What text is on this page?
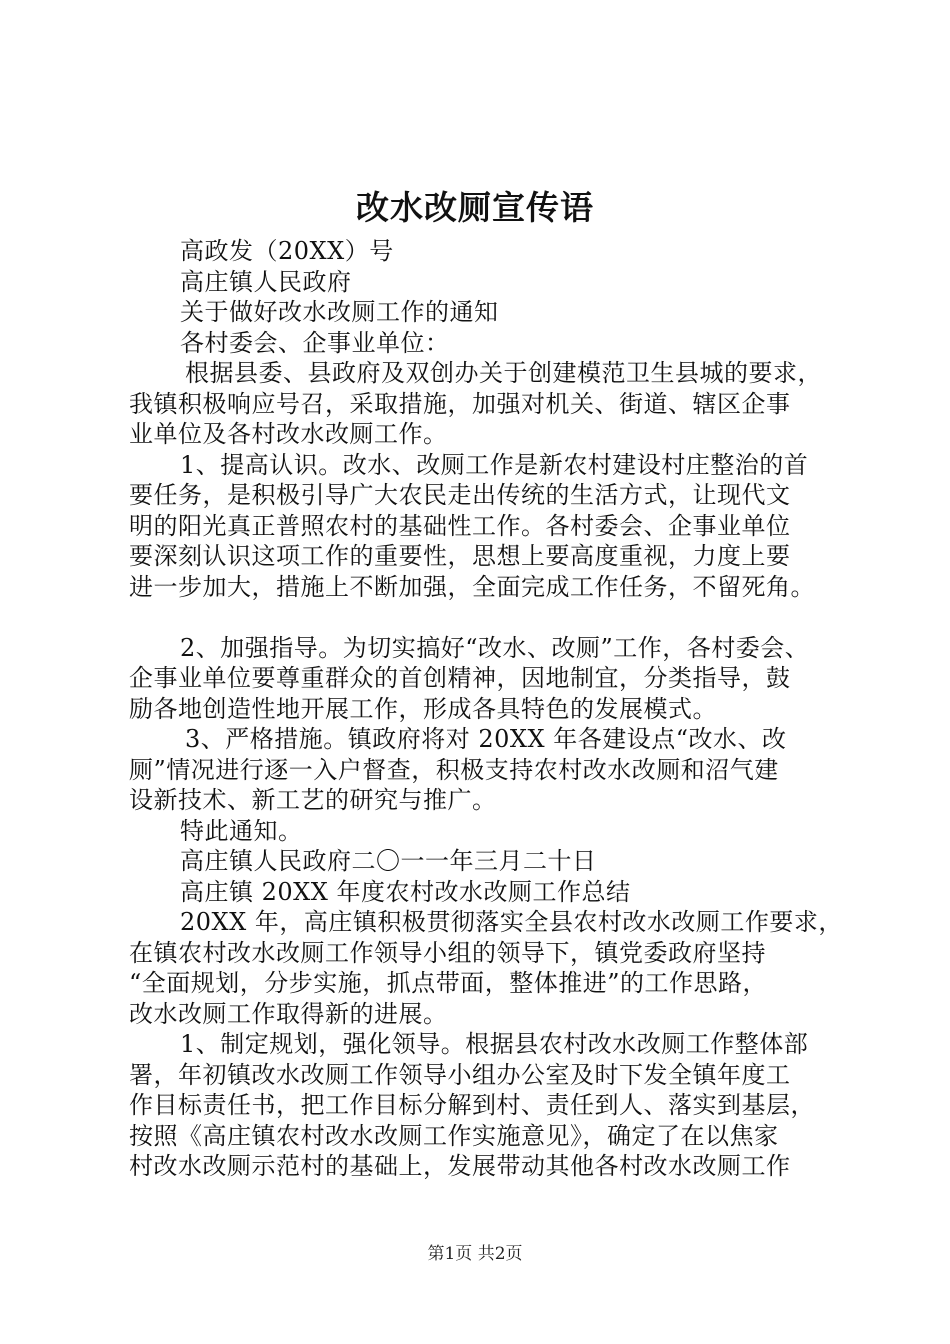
改水改厕宣传语

高政发（20XX）号

高庄镇人民政府

关于做好改水改厕工作的通知

各村委会、企事业单位：

根据县委、县政府及双创办关于创建模范卫生县城的要求，

我镇积极响应号召，采取措施，加强对机关、街道、辖区企事

业单位及各村改水改厕工作。

1、提高认识。改水、改厕工作是新农村建设村庄整治的首

要任务，是积极引导广大农民走出传统的生活方式，让现代文

明的阳光真正普照农村的基础性工作。各村委会、企事业单位

要深刻认识这项工作的重要性，思想上要高度重视，力度上要

进一步加大，措施上不断加强，全面完成工作任务，不留死角。

2、加强指导。为切实搞好“改水、改厕”工作，各村委会、

企事业单位要尊重群众的首创精神，因地制宜，分类指导，鼓

励各地创造性地开展工作，形成各具特色的发展模式。

3、严格措施。镇政府将对 20XX 年各建设点“改水、改

厕”情况进行逐一入户督查，积极支持农村改水改厕和沼气建

设新技术、新工艺的研究与推广。

特此通知。

高庄镇人民政府二〇一一年三月二十日

高庄镇 20XX 年度农村改水改厕工作总结

20XX 年，高庄镇积极贯彻落实全县农村改水改厕工作要求，

在镇农村改水改厕工作领导小组的领导下，镇党委政府坚持

“全面规划，分步实施，抓点带面，整体推进”的工作思路，

改水改厕工作取得新的进展。

1、制定规划，强化领导。根据县农村改水改厕工作整体部

署，年初镇改水改厕工作领导小组办公室及时下发全镇年度工

作目标责任书，把工作目标分解到村、责任到人、落实到基层，

按照《高庄镇农村改水改厕工作实施意见》，确定了在以焦家

村改水改厕示范村的基础上，发展带动其他各村改水改厕工作

第1页 共2页
